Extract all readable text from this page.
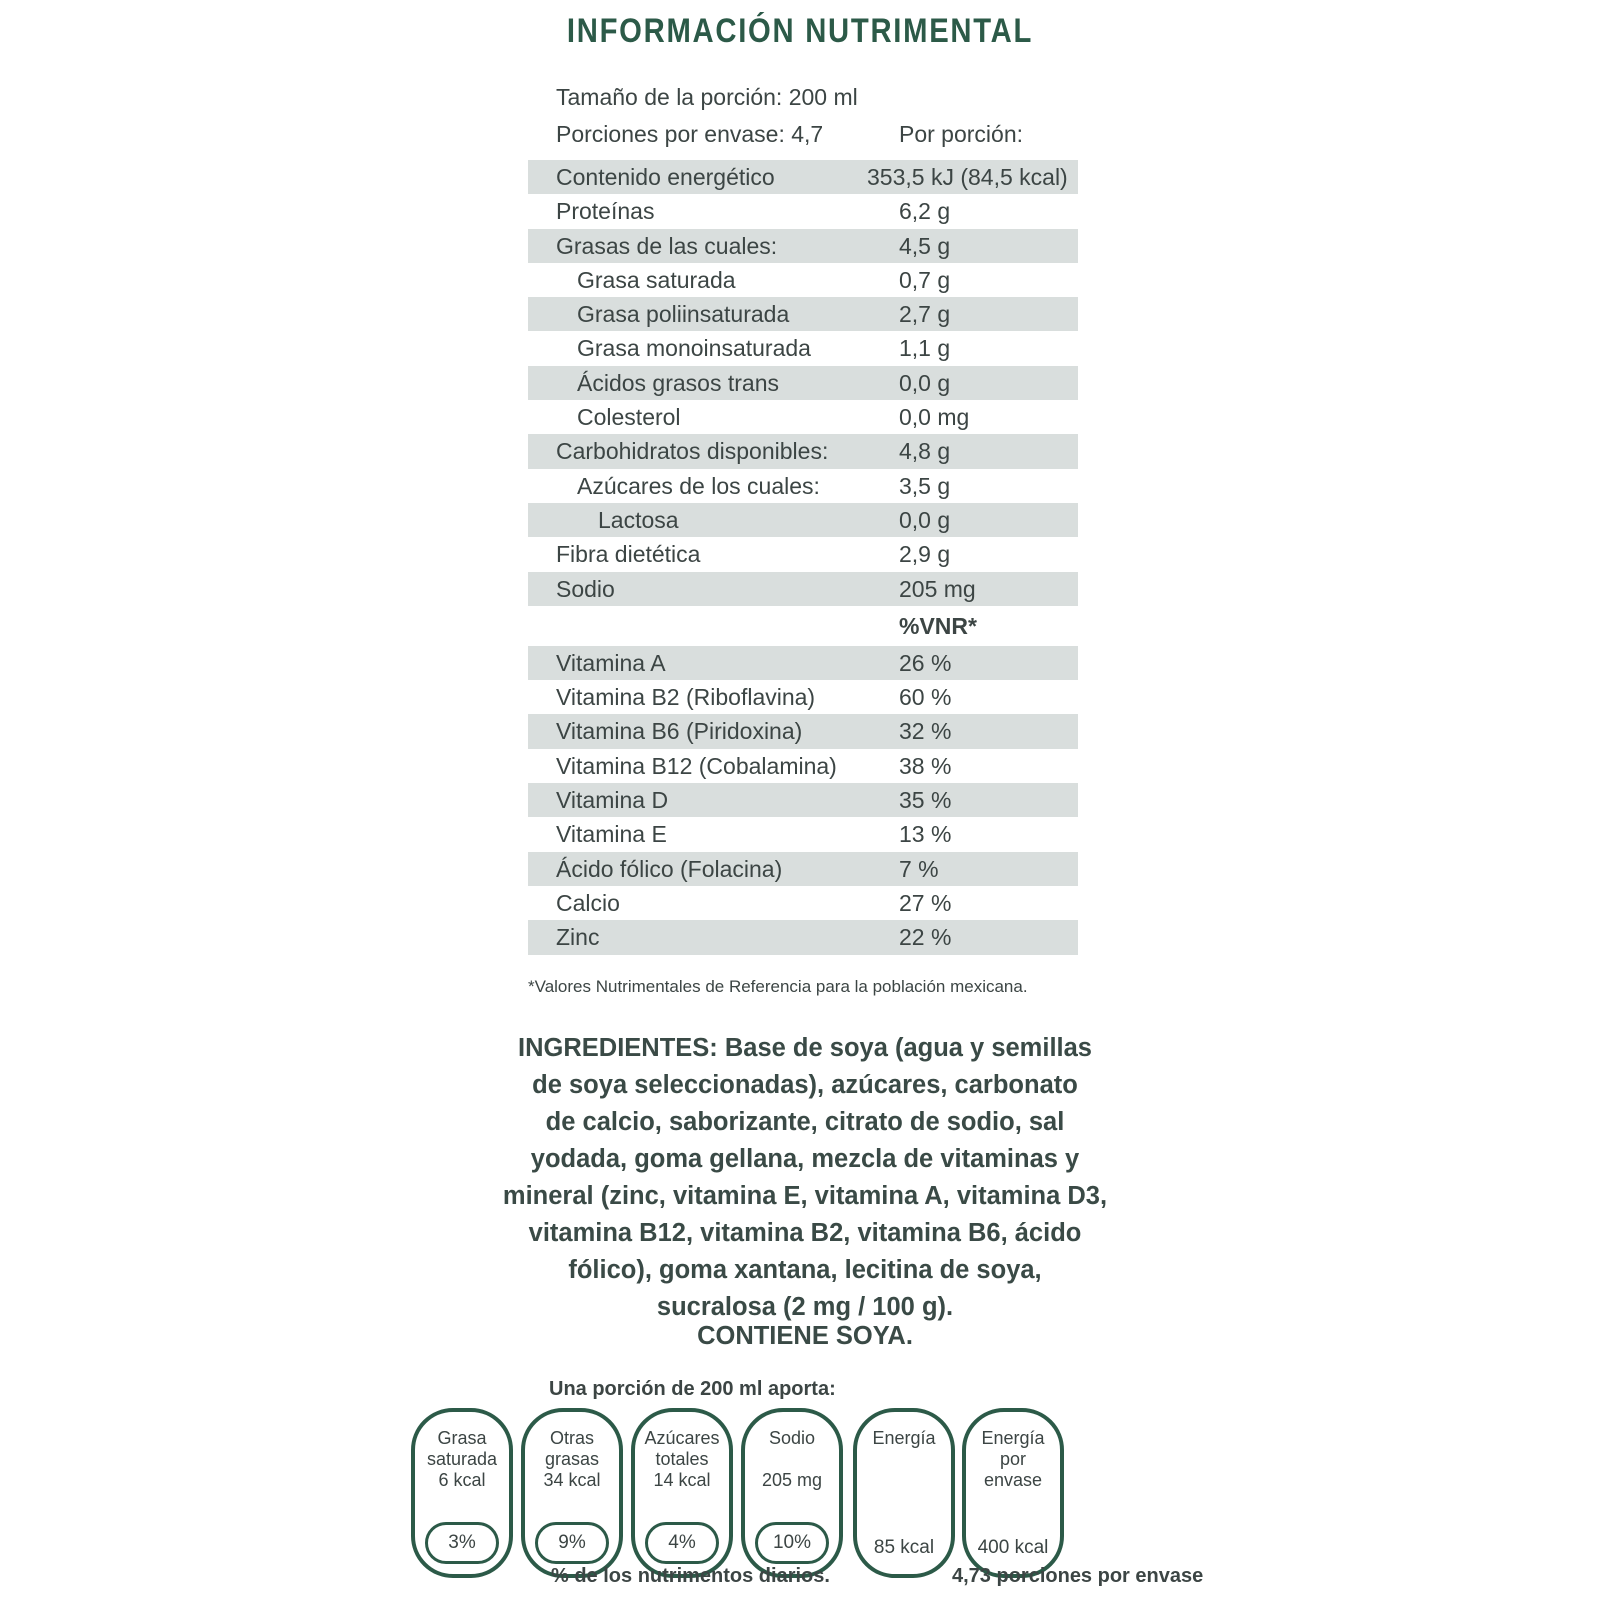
INFORMACIÓN NUTRIMENTAL
Tamaño de la porción: 200 ml
Porciones por envase: 4,7	Por porción:
Contenido energético	353,5 kJ (84,5 kcal)
Proteínas	6,2 g
Grasas de las cuales:	4,5 g
Grasa saturada	0,7 g
Grasa poliinsaturada	2,7 g
Grasa monoinsaturada	1,1 g
Ácidos grasos trans	0,0 g
Colesterol	0,0 mg
Carbohidratos disponibles:	4,8 g
Azúcares de los cuales:	3,5 g
Lactosa	0,0 g
Fibra dietética	2,9 g
Sodio	205 mg
%VNR*
Vitamina A	26 %
Vitamina B2 (Riboflavina)	60 %
Vitamina B6 (Piridoxina)	32 %
Vitamina B12 (Cobalamina)	38 %
Vitamina D	35 %
Vitamina E	13 %
Ácido fólico (Folacina)	7 %
Calcio	27 %
Zinc	22 %
*Valores Nutrimentales de Referencia para la población mexicana.
INGREDIENTES: Base de soya (agua y semillas
de soya seleccionadas), azúcares, carbonato
de calcio, saborizante, citrato de sodio, sal
yodada, goma gellana, mezcla de vitaminas y
mineral (zinc, vitamina E, vitamina A, vitamina D3,
vitamina B12, vitamina B2, vitamina B6, ácido
fólico), goma xantana, lecitina de soya,
sucralosa (2 mg / 100 g).
CONTIENE SOYA.
Una porción de 200 ml aporta:
Grasa
saturada
6 kcal
3%
Otras
grasas
34 kcal
9%
Azúcares
totales
14 kcal
4%
Sodio

205 mg
10%
Energía
85 kcal
Energía
por
envase
400 kcal
% de los nutrimentos diarios.	4,73 porciones por envase
